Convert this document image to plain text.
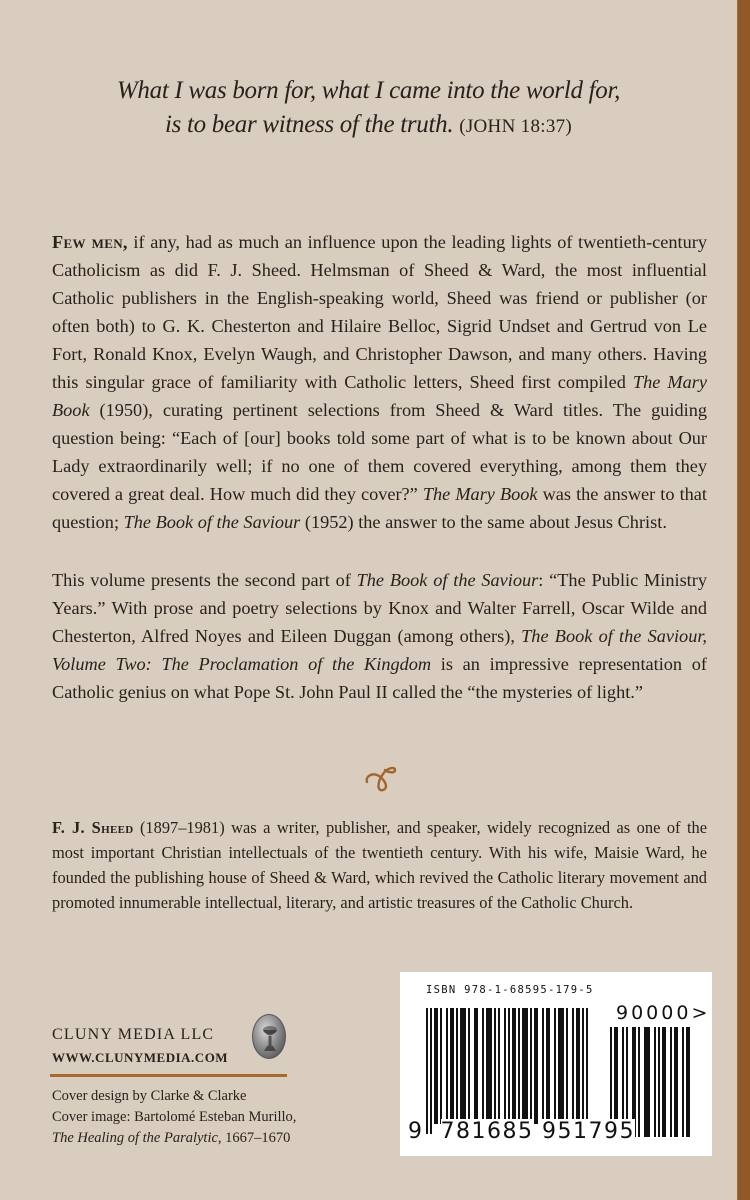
What I was born for, what I came into the world for,
is to bear witness of the truth. (JOHN 18:37)
Few men, if any, had as much an influence upon the leading lights of twentieth-century Catholicism as did F. J. Sheed. Helmsman of Sheed & Ward, the most influential Catholic publishers in the English-speaking world, Sheed was friend or publisher (or often both) to G. K. Chesterton and Hilaire Belloc, Sigrid Undset and Gertrud von Le Fort, Ronald Knox, Evelyn Waugh, and Christopher Dawson, and many others. Having this singular grace of familiarity with Catholic letters, Sheed first compiled The Mary Book (1950), curating pertinent selections from Sheed & Ward titles. The guiding question being: “Each of [our] books told some part of what is to be known about Our Lady extraordinarily well; if no one of them covered everything, among them they covered a great deal. How much did they cover?” The Mary Book was the answer to that question; The Book of the Saviour (1952) the answer to the same about Jesus Christ.
This volume presents the second part of The Book of the Saviour: “The Public Ministry Years.” With prose and poetry selections by Knox and Walter Farrell, Oscar Wilde and Chesterton, Alfred Noyes and Eileen Duggan (among others), The Book of the Saviour, Volume Two: The Proclamation of the Kingdom is an impressive representation of Catholic genius on what Pope St. John Paul II called the “the mysteries of light.”
F. J. Sheed (1897–1981) was a writer, publisher, and speaker, widely recognized as one of the most important Christian intellectuals of the twentieth century. With his wife, Maisie Ward, he founded the publishing house of Sheed & Ward, which revived the Catholic literary movement and promoted innumerable intellectual, literary, and artistic treasures of the Catholic Church.
CLUNY MEDIA LLC
WWW.CLUNYMEDIA.COM
Cover design by Clarke & Clarke
Cover image: Bartolomé Esteban Murillo,
The Healing of the Paralytic, 1667–1670
ISBN 978-1-68595-179-5
90000>
9 781685 951795
